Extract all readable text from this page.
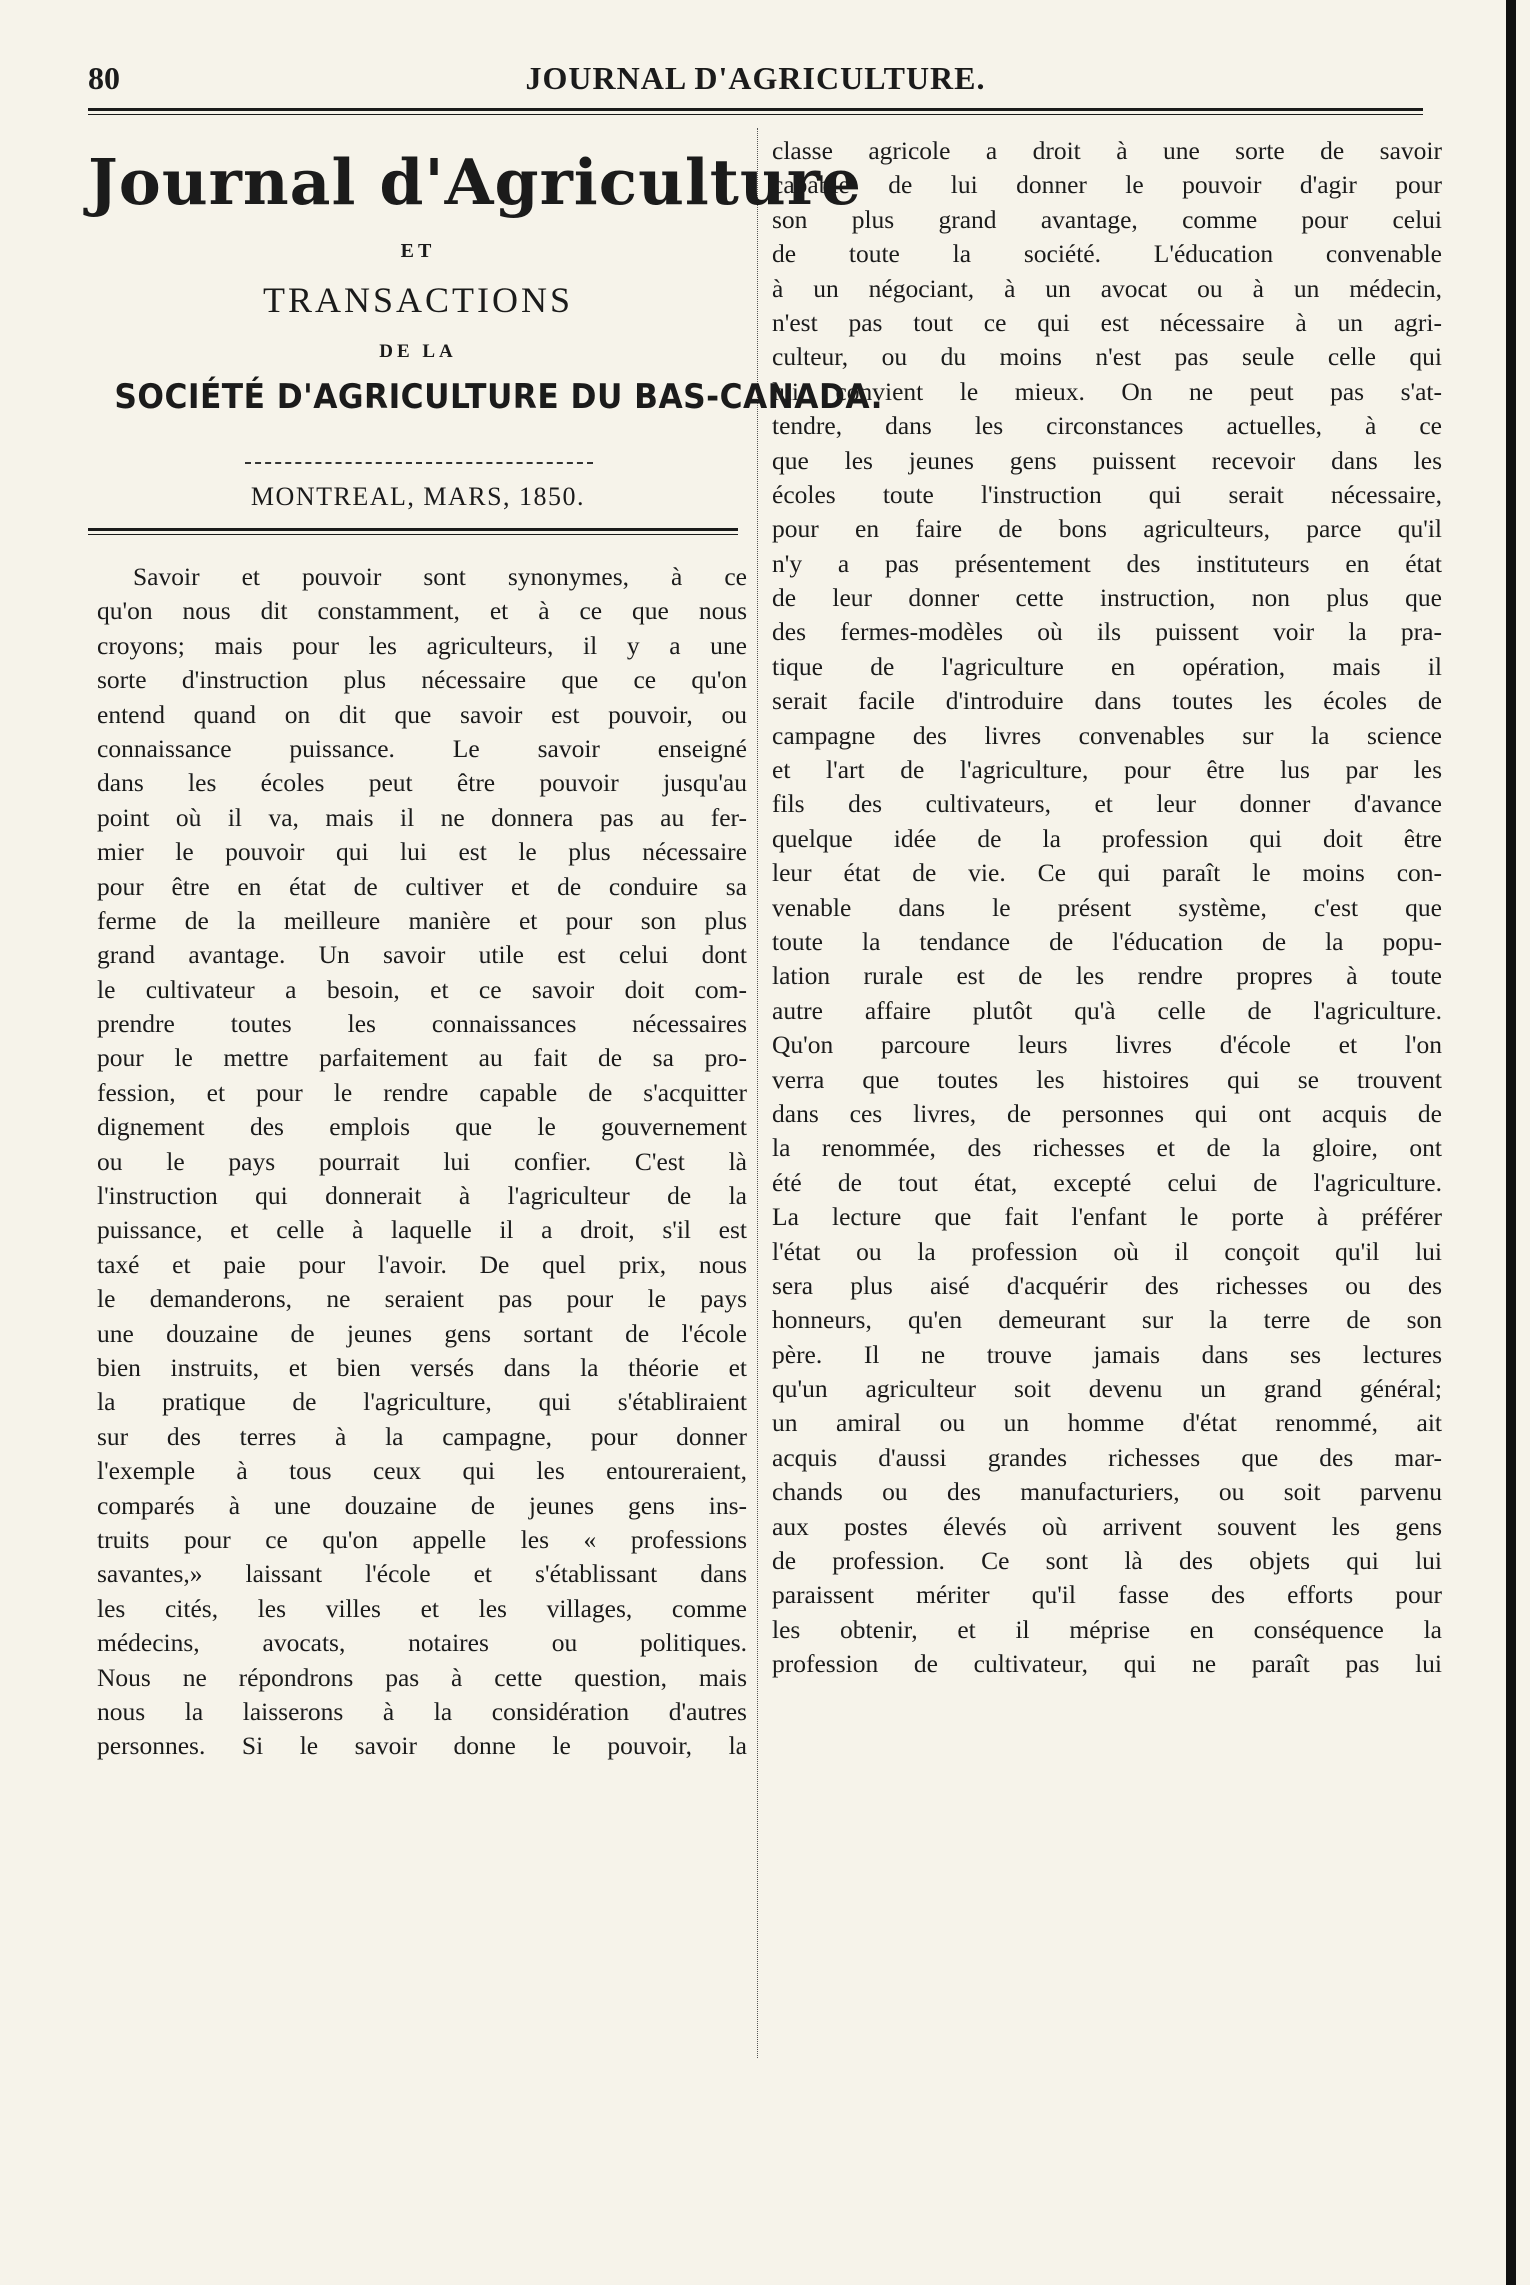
80	JOURNAL D'AGRICULTURE.
Journal d'Agriculture
ET
TRANSACTIONS
DE LA
SOCIÉTÉ D'AGRICULTURE DU BAS-CANADA.
MONTREAL, MARS, 1850.
Savoir et pouvoir sont synonymes, à ce
qu'on nous dit constamment, et à ce que nous
croyons; mais pour les agriculteurs, il y a une
sorte d'instruction plus nécessaire que ce qu'on
entend quand on dit que savoir est pouvoir, ou
connaissance puissance. Le savoir enseigné
dans les écoles peut être pouvoir jusqu'au
point où il va, mais il ne donnera pas au fer-
mier le pouvoir qui lui est le plus nécessaire
pour être en état de cultiver et de conduire sa
ferme de la meilleure manière et pour son plus
grand avantage. Un savoir utile est celui dont
le cultivateur a besoin, et ce savoir doit com-
prendre toutes les connaissances nécessaires
pour le mettre parfaitement au fait de sa pro-
fession, et pour le rendre capable de s'acquitter
dignement des emplois que le gouvernement
ou le pays pourrait lui confier. C'est là
l'instruction qui donnerait à l'agriculteur de la
puissance, et celle à laquelle il a droit, s'il est
taxé et paie pour l'avoir. De quel prix, nous
le demanderons, ne seraient pas pour le pays
une douzaine de jeunes gens sortant de l'école
bien instruits, et bien versés dans la théorie et
la pratique de l'agriculture, qui s'établiraient
sur des terres à la campagne, pour donner
l'exemple à tous ceux qui les entoureraient,
comparés à une douzaine de jeunes gens ins-
truits pour ce qu'on appelle les « professions
savantes,» laissant l'école et s'établissant dans
les cités, les villes et les villages, comme
médecins, avocats, notaires ou politiques.
Nous ne répondrons pas à cette question, mais
nous la laisserons à la considération d'autres
personnes. Si le savoir donne le pouvoir, la
classe agricole a droit à une sorte de savoir
capable de lui donner le pouvoir d'agir pour
son plus grand avantage, comme pour celui
de toute la société. L'éducation convenable
à un négociant, à un avocat ou à un médecin,
n'est pas tout ce qui est nécessaire à un agri-
culteur, ou du moins n'est pas seule celle qui
lui convient le mieux. On ne peut pas s'at-
tendre, dans les circonstances actuelles, à ce
que les jeunes gens puissent recevoir dans les
écoles toute l'instruction qui serait nécessaire,
pour en faire de bons agriculteurs, parce qu'il
n'y a pas présentement des instituteurs en état
de leur donner cette instruction, non plus que
des fermes-modèles où ils puissent voir la pra-
tique de l'agriculture en opération, mais il
serait facile d'introduire dans toutes les écoles de
campagne des livres convenables sur la science
et l'art de l'agriculture, pour être lus par les
fils des cultivateurs, et leur donner d'avance
quelque idée de la profession qui doit être
leur état de vie. Ce qui paraît le moins con-
venable dans le présent système, c'est que
toute la tendance de l'éducation de la popu-
lation rurale est de les rendre propres à toute
autre affaire plutôt qu'à celle de l'agriculture.
Qu'on parcoure leurs livres d'école et l'on
verra que toutes les histoires qui se trouvent
dans ces livres, de personnes qui ont acquis de
la renommée, des richesses et de la gloire, ont
été de tout état, excepté celui de l'agriculture.
La lecture que fait l'enfant le porte à préférer
l'état ou la profession où il conçoit qu'il lui
sera plus aisé d'acquérir des richesses ou des
honneurs, qu'en demeurant sur la terre de son
père. Il ne trouve jamais dans ses lectures
qu'un agriculteur soit devenu un grand général;
un amiral ou un homme d'état renommé, ait
acquis d'aussi grandes richesses que des mar-
chands ou des manufacturiers, ou soit parvenu
aux postes élevés où arrivent souvent les gens
de profession. Ce sont là des objets qui lui
paraissent mériter qu'il fasse des efforts pour
les obtenir, et il méprise en conséquence la
profession de cultivateur, qui ne paraît pas lui
